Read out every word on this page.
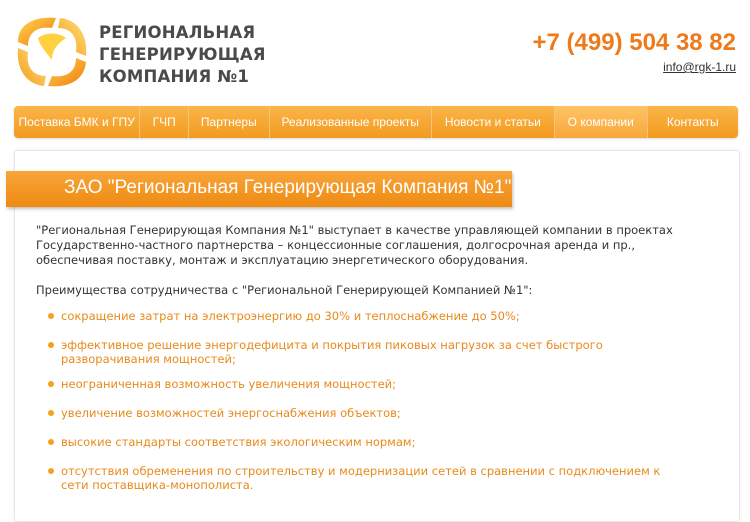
РЕГИОНАЛЬНАЯ
ГЕНЕРИРУЮЩАЯ
КОМПАНИЯ №1
+7 (499) 504 38 82
info@rgk-1.ru
Поставка БМК и ГПУ	ГЧП	Партнеры	Реализованные проекты	Новости и статьи	О компании	Контакты
ЗАО "Региональная Генерирующая Компания №1"
"Региональная Генерирующая Компания №1" выступает в качестве управляющей компании в проектах Государственно-частного партнерства – концессионные соглашения, долгосрочная аренда и пр., обеспечивая поставку, монтаж и эксплуатацию энергетического оборудования.
Преимущества сотрудничества с "Региональной Генерирующей Компанией №1":
сокращение затрат на электроэнергию до 30% и теплоснабжение до 50%;
эффективное решение энергодефицита и покрытия пиковых нагрузок за счет быстрого разворачивания мощностей;
неограниченная возможность увеличения мощностей;
увеличение возможностей энергоснабжения объектов;
высокие стандарты соответствия экологическим нормам;
отсутствия обременения по строительству и модернизации сетей в сравнении с подключением к сети поставщика-монополиста.
